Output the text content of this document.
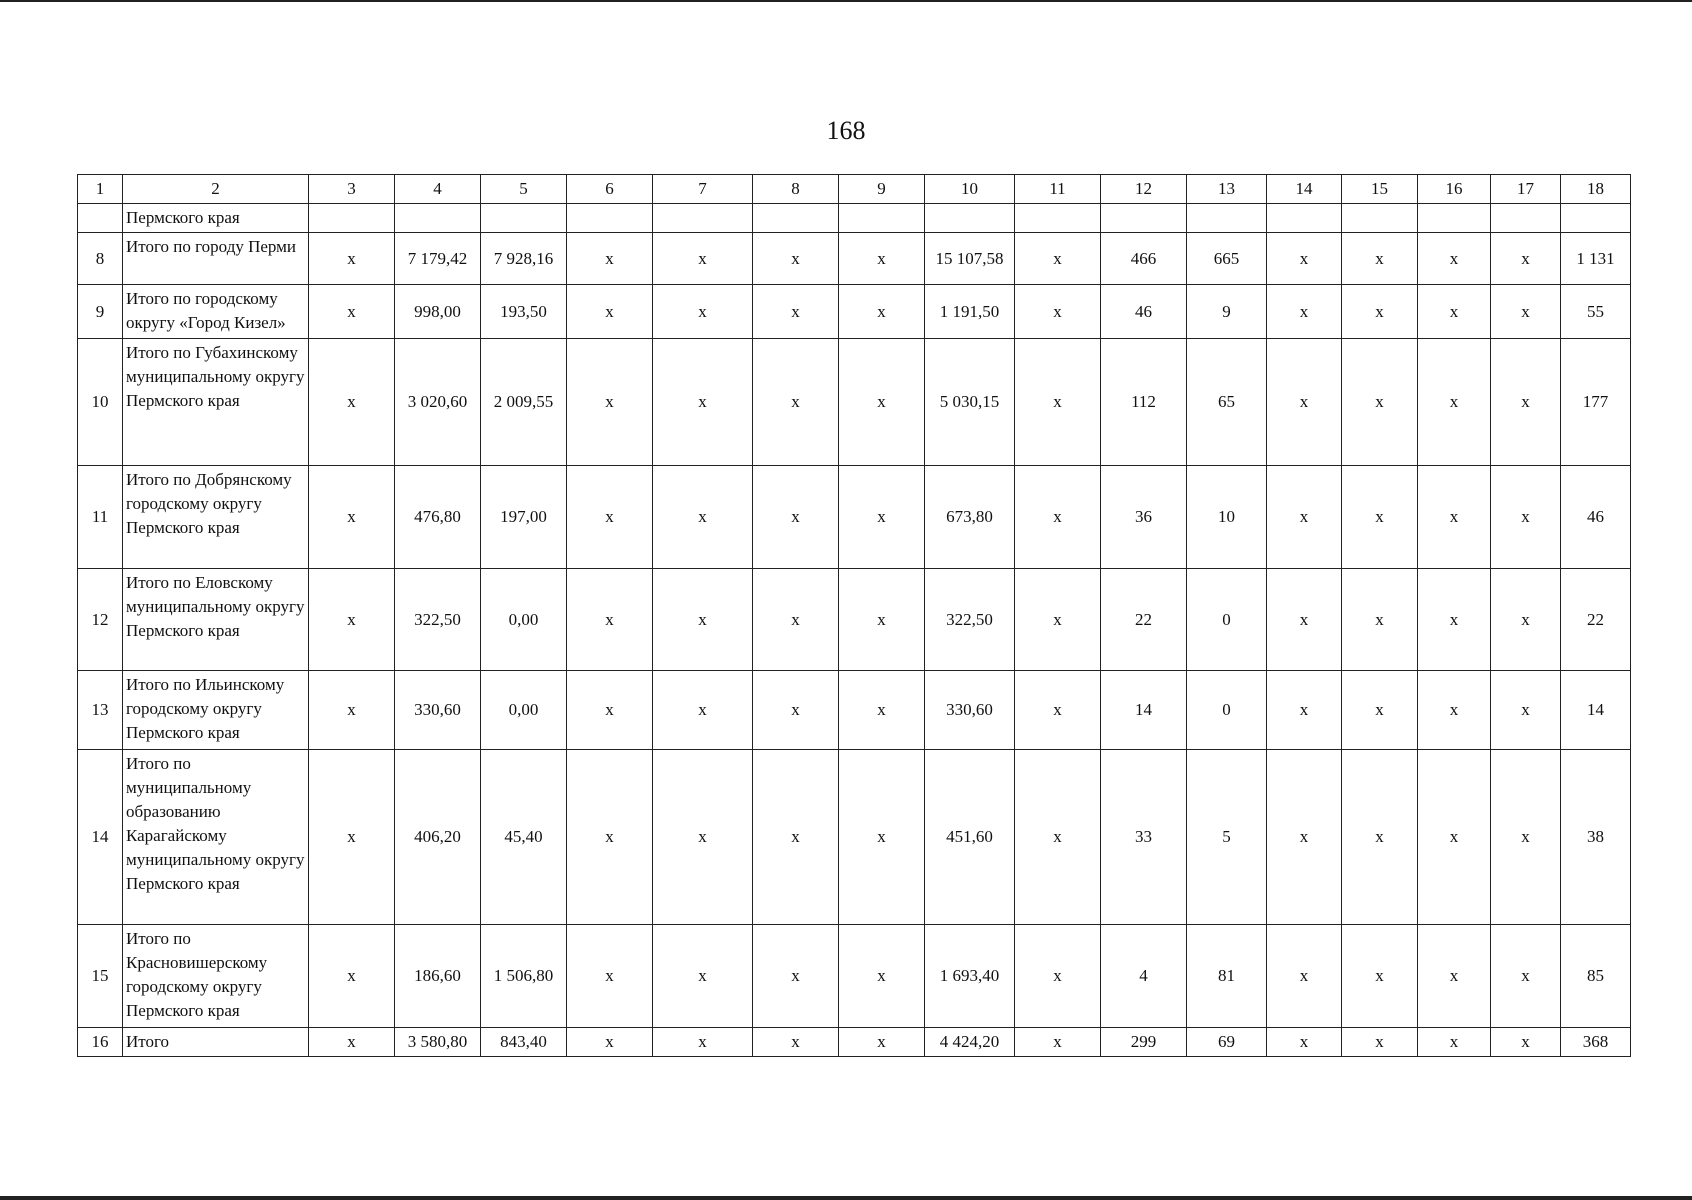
168
1	2	3	4	5	6	7	8	9	10	11	12	13	14	15	16	17	18
	Пермского края																
8	Итого по городу Перми	х	7 179,42	7 928,16	х	х	х	х	15 107,58	х	466	665	х	х	х	х	1 131
9	Итого по городскому округу «Город Кизел»	х	998,00	193,50	х	х	х	х	1 191,50	х	46	9	х	х	х	х	55
10	Итого по Губахинскому муниципальному округу Пермского края	х	3 020,60	2 009,55	х	х	х	х	5 030,15	х	112	65	х	х	х	х	177
11	Итого по Добрянскому городскому округу Пермского края	х	476,80	197,00	х	х	х	х	673,80	х	36	10	х	х	х	х	46
12	Итого по Еловскому муниципальному округу Пермского края	х	322,50	0,00	х	х	х	х	322,50	х	22	0	х	х	х	х	22
13	Итого по Ильинскому городскому округу Пермского края	х	330,60	0,00	х	х	х	х	330,60	х	14	0	х	х	х	х	14
14	Итого по муниципальному образованию Карагайскому муниципальному округу Пермского края	х	406,20	45,40	х	х	х	х	451,60	х	33	5	х	х	х	х	38
15	Итого по Красновишерскому городскому округу Пермского края	х	186,60	1 506,80	х	х	х	х	1 693,40	х	4	81	х	х	х	х	85
16	Итого	х	3 580,80	843,40	х	х	х	х	4 424,20	х	299	69	х	х	х	х	368
